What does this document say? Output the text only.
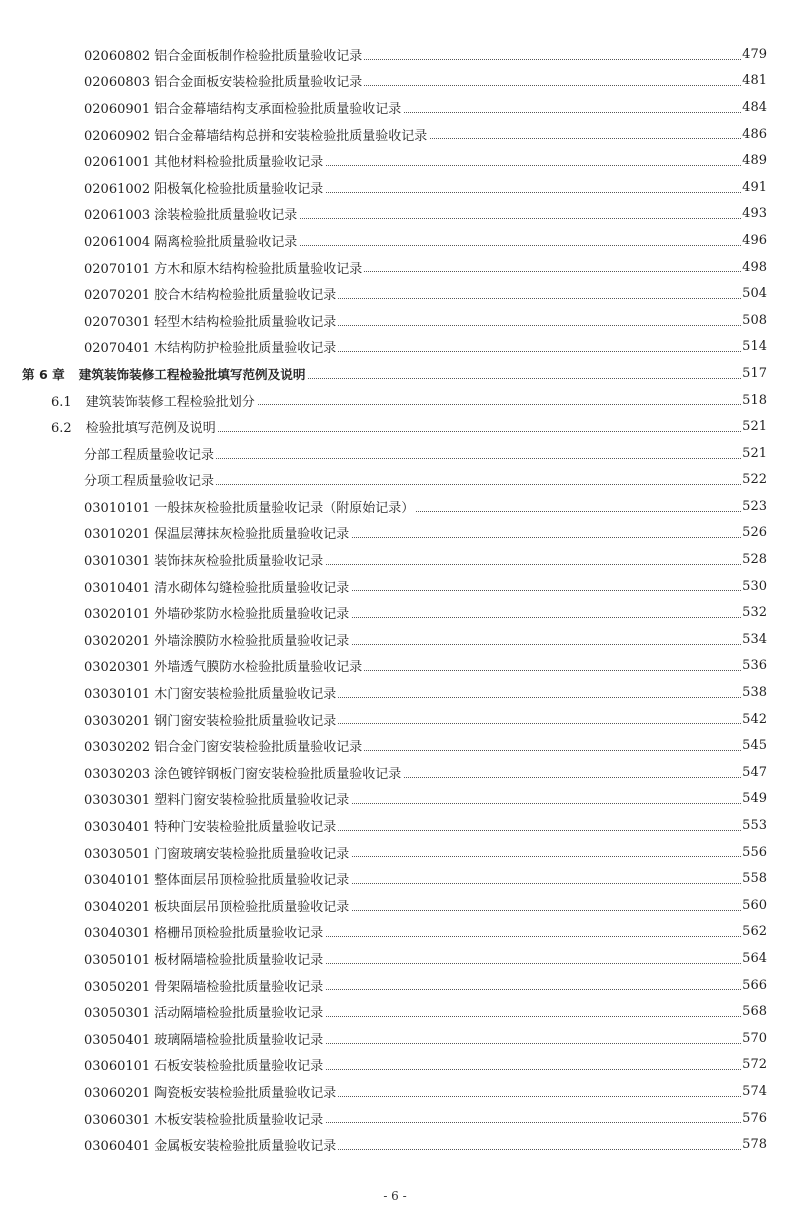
02060802 铝合金面板制作检验批质量验收记录	479
02060803 铝合金面板安装检验批质量验收记录	481
02060901 铝合金幕墙结构支承面检验批质量验收记录	484
02060902 铝合金幕墙结构总拼和安装检验批质量验收记录	486
02061001 其他材料检验批质量验收记录	489
02061002 阳极氧化检验批质量验收记录	491
02061003 涂装检验批质量验收记录	493
02061004 隔离检验批质量验收记录	496
02070101 方木和原木结构检验批质量验收记录	498
02070201 胶合木结构检验批质量验收记录	504
02070301 轻型木结构检验批质量验收记录	508
02070401 木结构防护检验批质量验收记录	514
第 6 章 建筑装饰装修工程检验批填写范例及说明	517
6.1 建筑装饰装修工程检验批划分	518
6.2 检验批填写范例及说明	521
分部工程质量验收记录	521
分项工程质量验收记录	522
03010101 一般抹灰检验批质量验收记录（附原始记录）	523
03010201 保温层薄抹灰检验批质量验收记录	526
03010301 装饰抹灰检验批质量验收记录	528
03010401 清水砌体勾缝检验批质量验收记录	530
03020101 外墙砂浆防水检验批质量验收记录	532
03020201 外墙涂膜防水检验批质量验收记录	534
03020301 外墙透气膜防水检验批质量验收记录	536
03030101 木门窗安装检验批质量验收记录	538
03030201 钢门窗安装检验批质量验收记录	542
03030202 铝合金门窗安装检验批质量验收记录	545
03030203 涂色镀锌钢板门窗安装检验批质量验收记录	547
03030301 塑料门窗安装检验批质量验收记录	549
03030401 特种门安装检验批质量验收记录	553
03030501 门窗玻璃安装检验批质量验收记录	556
03040101 整体面层吊顶检验批质量验收记录	558
03040201 板块面层吊顶检验批质量验收记录	560
03040301 格栅吊顶检验批质量验收记录	562
03050101 板材隔墙检验批质量验收记录	564
03050201 骨架隔墙检验批质量验收记录	566
03050301 活动隔墙检验批质量验收记录	568
03050401 玻璃隔墙检验批质量验收记录	570
03060101 石板安装检验批质量验收记录	572
03060201 陶瓷板安装检验批质量验收记录	574
03060301 木板安装检验批质量验收记录	576
03060401 金属板安装检验批质量验收记录	578
- 6 -
